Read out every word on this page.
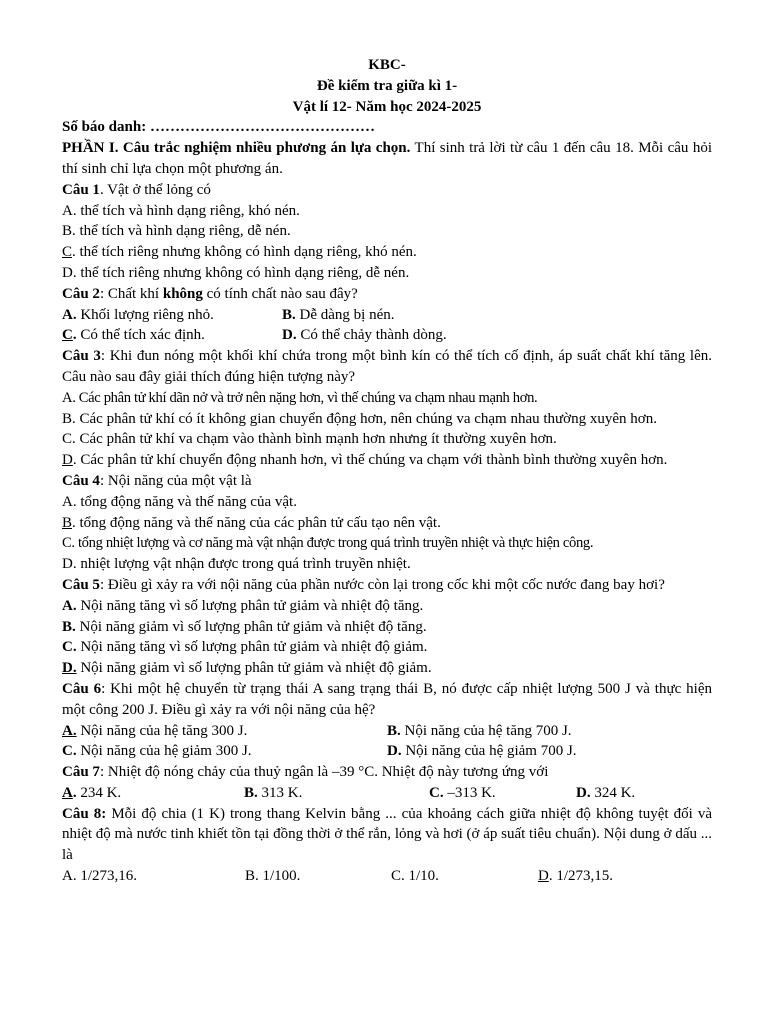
KBC-
Đề kiểm tra giữa kì 1-
Vật lí 12- Năm học 2024-2025

Số báo danh: ………………………………………

PHẦN I. Câu trắc nghiệm nhiều phương án lựa chọn. Thí sinh trả lời từ câu 1 đến câu 18. Mỗi câu hỏi thí sinh chỉ lựa chọn một phương án.

Câu 1. Vật ở thể lỏng có

A. thể tích và hình dạng riêng, khó nén.

B. thể tích và hình dạng riêng, dễ nén.

C. thể tích riêng nhưng không có hình dạng riêng, khó nén.

D. thể tích riêng nhưng không có hình dạng riêng, dễ nén.

Câu 2: Chất khí không có tính chất nào sau đây?

A. Khối lượng riêng nhỏ.	B. Dễ dàng bị nén.
C. Có thể tích xác định.	D. Có thể chảy thành dòng.

Câu 3: Khi đun nóng một khối khí chứa trong một bình kín có thể tích cố định, áp suất chất khí tăng lên. Câu nào sau đây giải thích đúng hiện tượng này?

A. Các phân tử khí dãn nở và trở nên nặng hơn, vì thế chúng va chạm nhau mạnh hơn.

B. Các phân tử khí có ít không gian chuyển động hơn, nên chúng va chạm nhau thường xuyên hơn.

C. Các phân tử khí va chạm vào thành bình mạnh hơn nhưng ít thường xuyên hơn.

D. Các phân tử khí chuyển động nhanh hơn, vì thế chúng va chạm với thành bình thường xuyên hơn.

Câu 4: Nội năng của một vật là

A. tổng động năng và thế năng của vật.

B. tổng động năng và thế năng của các phân tử cấu tạo nên vật.

C. tổng nhiệt lượng và cơ năng mà vật nhận được trong quá trình truyền nhiệt và thực hiện công.

D. nhiệt lượng vật nhận được trong quá trình truyền nhiệt.

Câu 5: Điều gì xảy ra với nội năng của phần nước còn lại trong cốc khi một cốc nước đang bay hơi?

A. Nội năng tăng vì số lượng phân tử giảm và nhiệt độ tăng.

B. Nội năng giảm vì số lượng phân tử giảm và nhiệt độ tăng.

C. Nội năng tăng vì số lượng phân tử giảm và nhiệt độ giảm.

D. Nội năng giảm vì số lượng phân tử giảm và nhiệt độ giảm.

Câu 6: Khi một hệ chuyển từ trạng thái A sang trạng thái B, nó được cấp nhiệt lượng 500 J và thực hiện một công 200 J. Điều gì xảy ra với nội năng của hệ?

A. Nội năng của hệ tăng 300 J.	B. Nội năng của hệ tăng 700 J.
C. Nội năng của hệ giảm 300 J.	D. Nội năng của hệ giảm 700 J.

Câu 7: Nhiệt độ nóng chảy của thuỷ ngân là –39 °C. Nhiệt độ này tương ứng với

A. 234 K.	B. 313 K.	C. –313 K.	D. 324 K.

Câu 8: Mỗi độ chia (1 K) trong thang Kelvin bằng ... của khoảng cách giữa nhiệt độ không tuyệt đối và nhiệt độ mà nước tinh khiết tồn tại đồng thời ở thể rắn, lỏng và hơi (ở áp suất tiêu chuẩn). Nội dung ở dấu ... là

A. 1/273,16.	B. 1/100.	C. 1/10.	D. 1/273,15.
